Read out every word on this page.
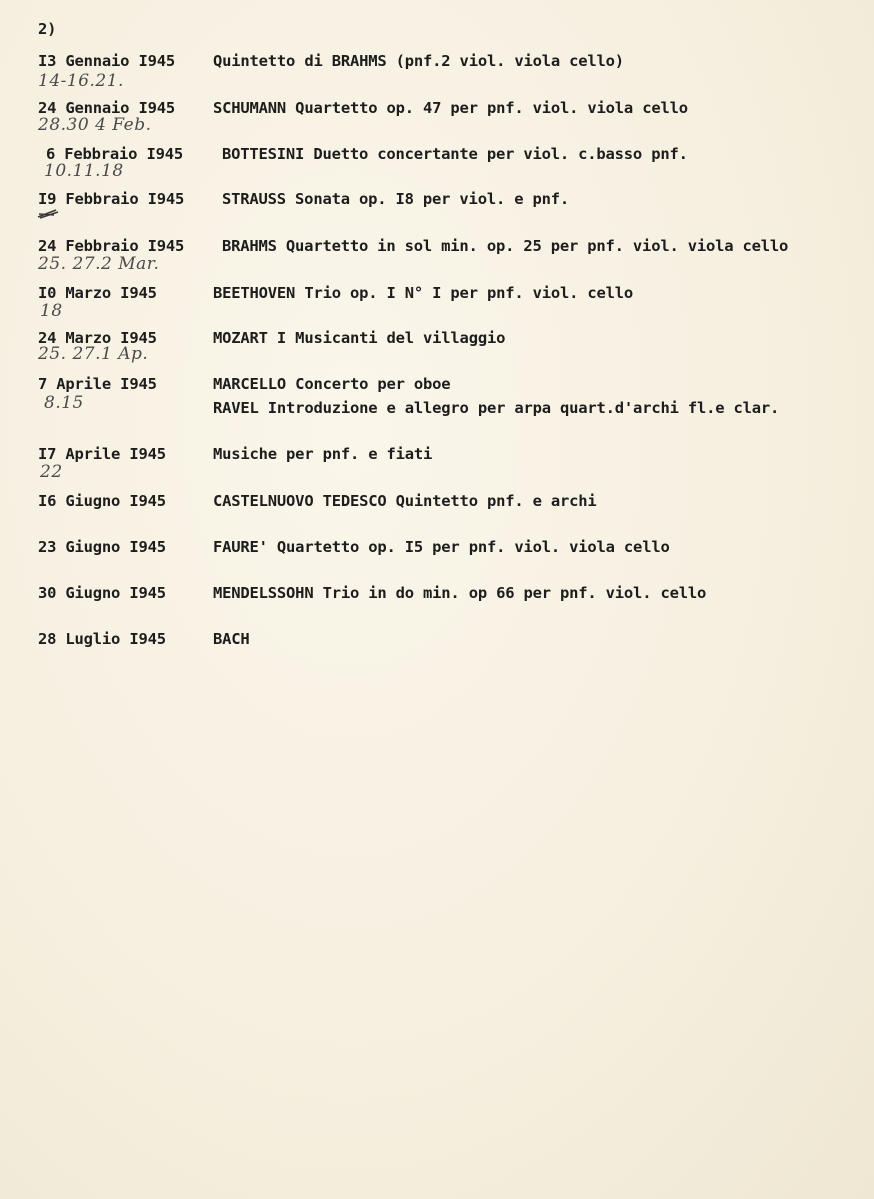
2)
I3 Gennaio I945 Quintetto di BRAHMS (pnf.2 viol. viola cello)
14-16.21.
24 Gennaio I945 SCHUMANN Quartetto op. 47 per pnf. viol. viola cello
28.30 4 Feb.
6 Febbraio I945	BOTTESINI Duetto concertante per viol. c.basso pnf.
10.11.18
I9 Febbraio I945 STRAUSS Sonata op. I8 per viol. e pnf.
24 Febbraio I945 BRAHMS Quartetto in sol min. op. 25 per pnf. viol. viola cello
25. 27.2 Mar.
I0 Marzo I945	BEETHOVEN Trio op. I N° I per pnf. viol. cello
18
24 Marzo I945	MOZART I Musicanti del villaggio
25. 27.1 Ap.
7 Aprile I945	MARCELLO Concerto per oboe
8.15	RAVEL Introduzione e allegro per arpa quart.d'archi fl.e clar.
I7 Aprile I945	Musiche per pnf. e fiati
22
I6 Giugno I945	CASTELNUOVO TEDESCO Quintetto pnf. e archi
23 Giugno I945	FAURE' Quartetto op. I5 per pnf. viol. viola cello
30 Giugno I945	MENDELSSOHN Trio in do min. op 66 per pnf. viol. cello
28 Luglio I945	BACH
